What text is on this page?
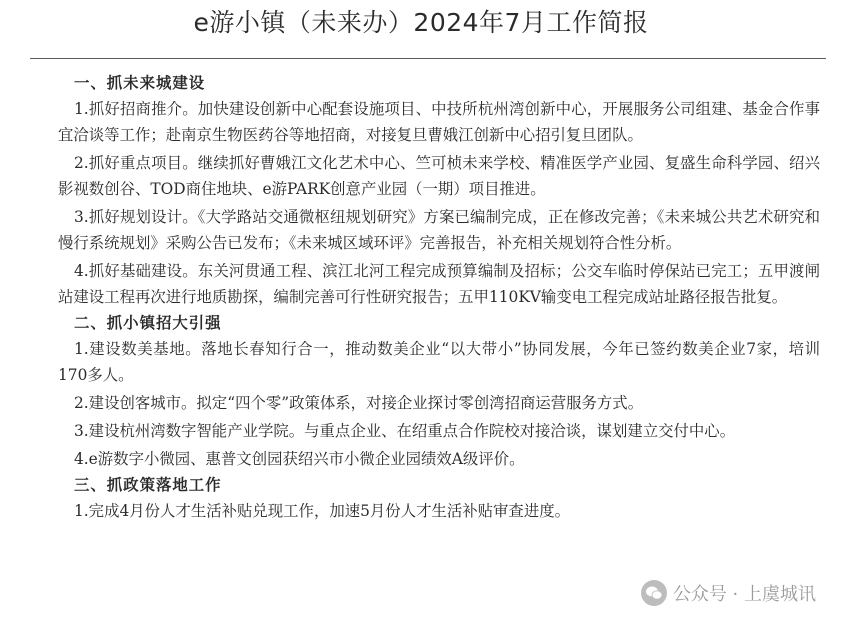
e游小镇（未来办）2024年7月工作简报
一、抓未来城建设
1.抓好招商推介。加快建设创新中心配套设施项目、中技所杭州湾创新中心，开展服务公司组建、基金合作事宜洽谈等工作；赴南京生物医药谷等地招商，对接复旦曹娥江创新中心招引复旦团队。
2.抓好重点项目。继续抓好曹娥江文化艺术中心、竺可桢未来学校、精准医学产业园、复盛生命科学园、绍兴影视数创谷、TOD商住地块、e游PARK创意产业园（一期）项目推进。
3.抓好规划设计。《大学路站交通微枢纽规划研究》方案已编制完成，正在修改完善；《未来城公共艺术研究和慢行系统规划》采购公告已发布；《未来城区域环评》完善报告，补充相关规划符合性分析。
4.抓好基础建设。东关河贯通工程、滨江北河工程完成预算编制及招标；公交车临时停保站已完工；五甲渡闸站建设工程再次进行地质勘探，编制完善可行性研究报告；五甲110KV输变电工程完成站址路径报告批复。
二、抓小镇招大引强
1.建设数美基地。落地长春知行合一，推动数美企业“以大带小”协同发展，今年已签约数美企业7家，培训170多人。
2.建设创客城市。拟定“四个零”政策体系，对接企业探讨零创湾招商运营服务方式。
3.建设杭州湾数字智能产业学院。与重点企业、在绍重点合作院校对接洽谈，谋划建立交付中心。
4.e游数字小微园、惠普文创园获绍兴市小微企业园绩效A级评价。
三、抓政策落地工作
1.完成4月份人才生活补贴兑现工作，加速5月份人才生活补贴审查进度。
公众号 · 上虞城讯
